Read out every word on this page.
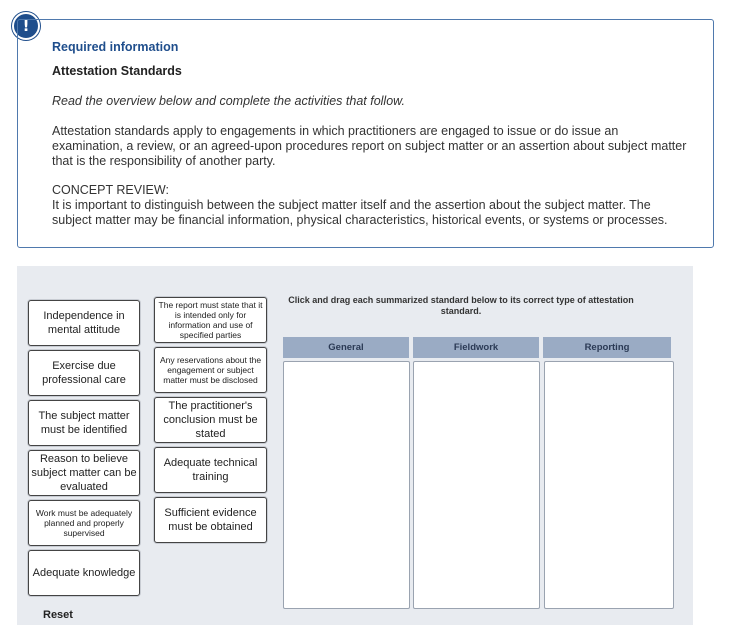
!
Required information
Attestation Standards
Read the overview below and complete the activities that follow.
Attestation standards apply to engagements in which practitioners are engaged to issue or do issue an examination, a review, or an agreed-upon procedures report on subject matter or an assertion about subject matter that is the responsibility of another party.
CONCEPT REVIEW:
It is important to distinguish between the subject matter itself and the assertion about the subject matter. The subject matter may be financial information, physical characteristics, historical events, or systems or processes.
Independence in mental attitude
Exercise due professional care
The subject matter must be identified
Reason to believe subject matter can be evaluated
Work must be adequately planned and properly supervised
Adequate knowledge
The report must state that it is intended only for information and use of specified parties
Any reservations about the engagement or subject matter must be disclosed
The practitioner's conclusion must be stated
Adequate technical training
Sufficient evidence must be obtained
Click and drag each summarized standard below to its correct type of attestation standard.
General	Fieldwork	Reporting
Reset
